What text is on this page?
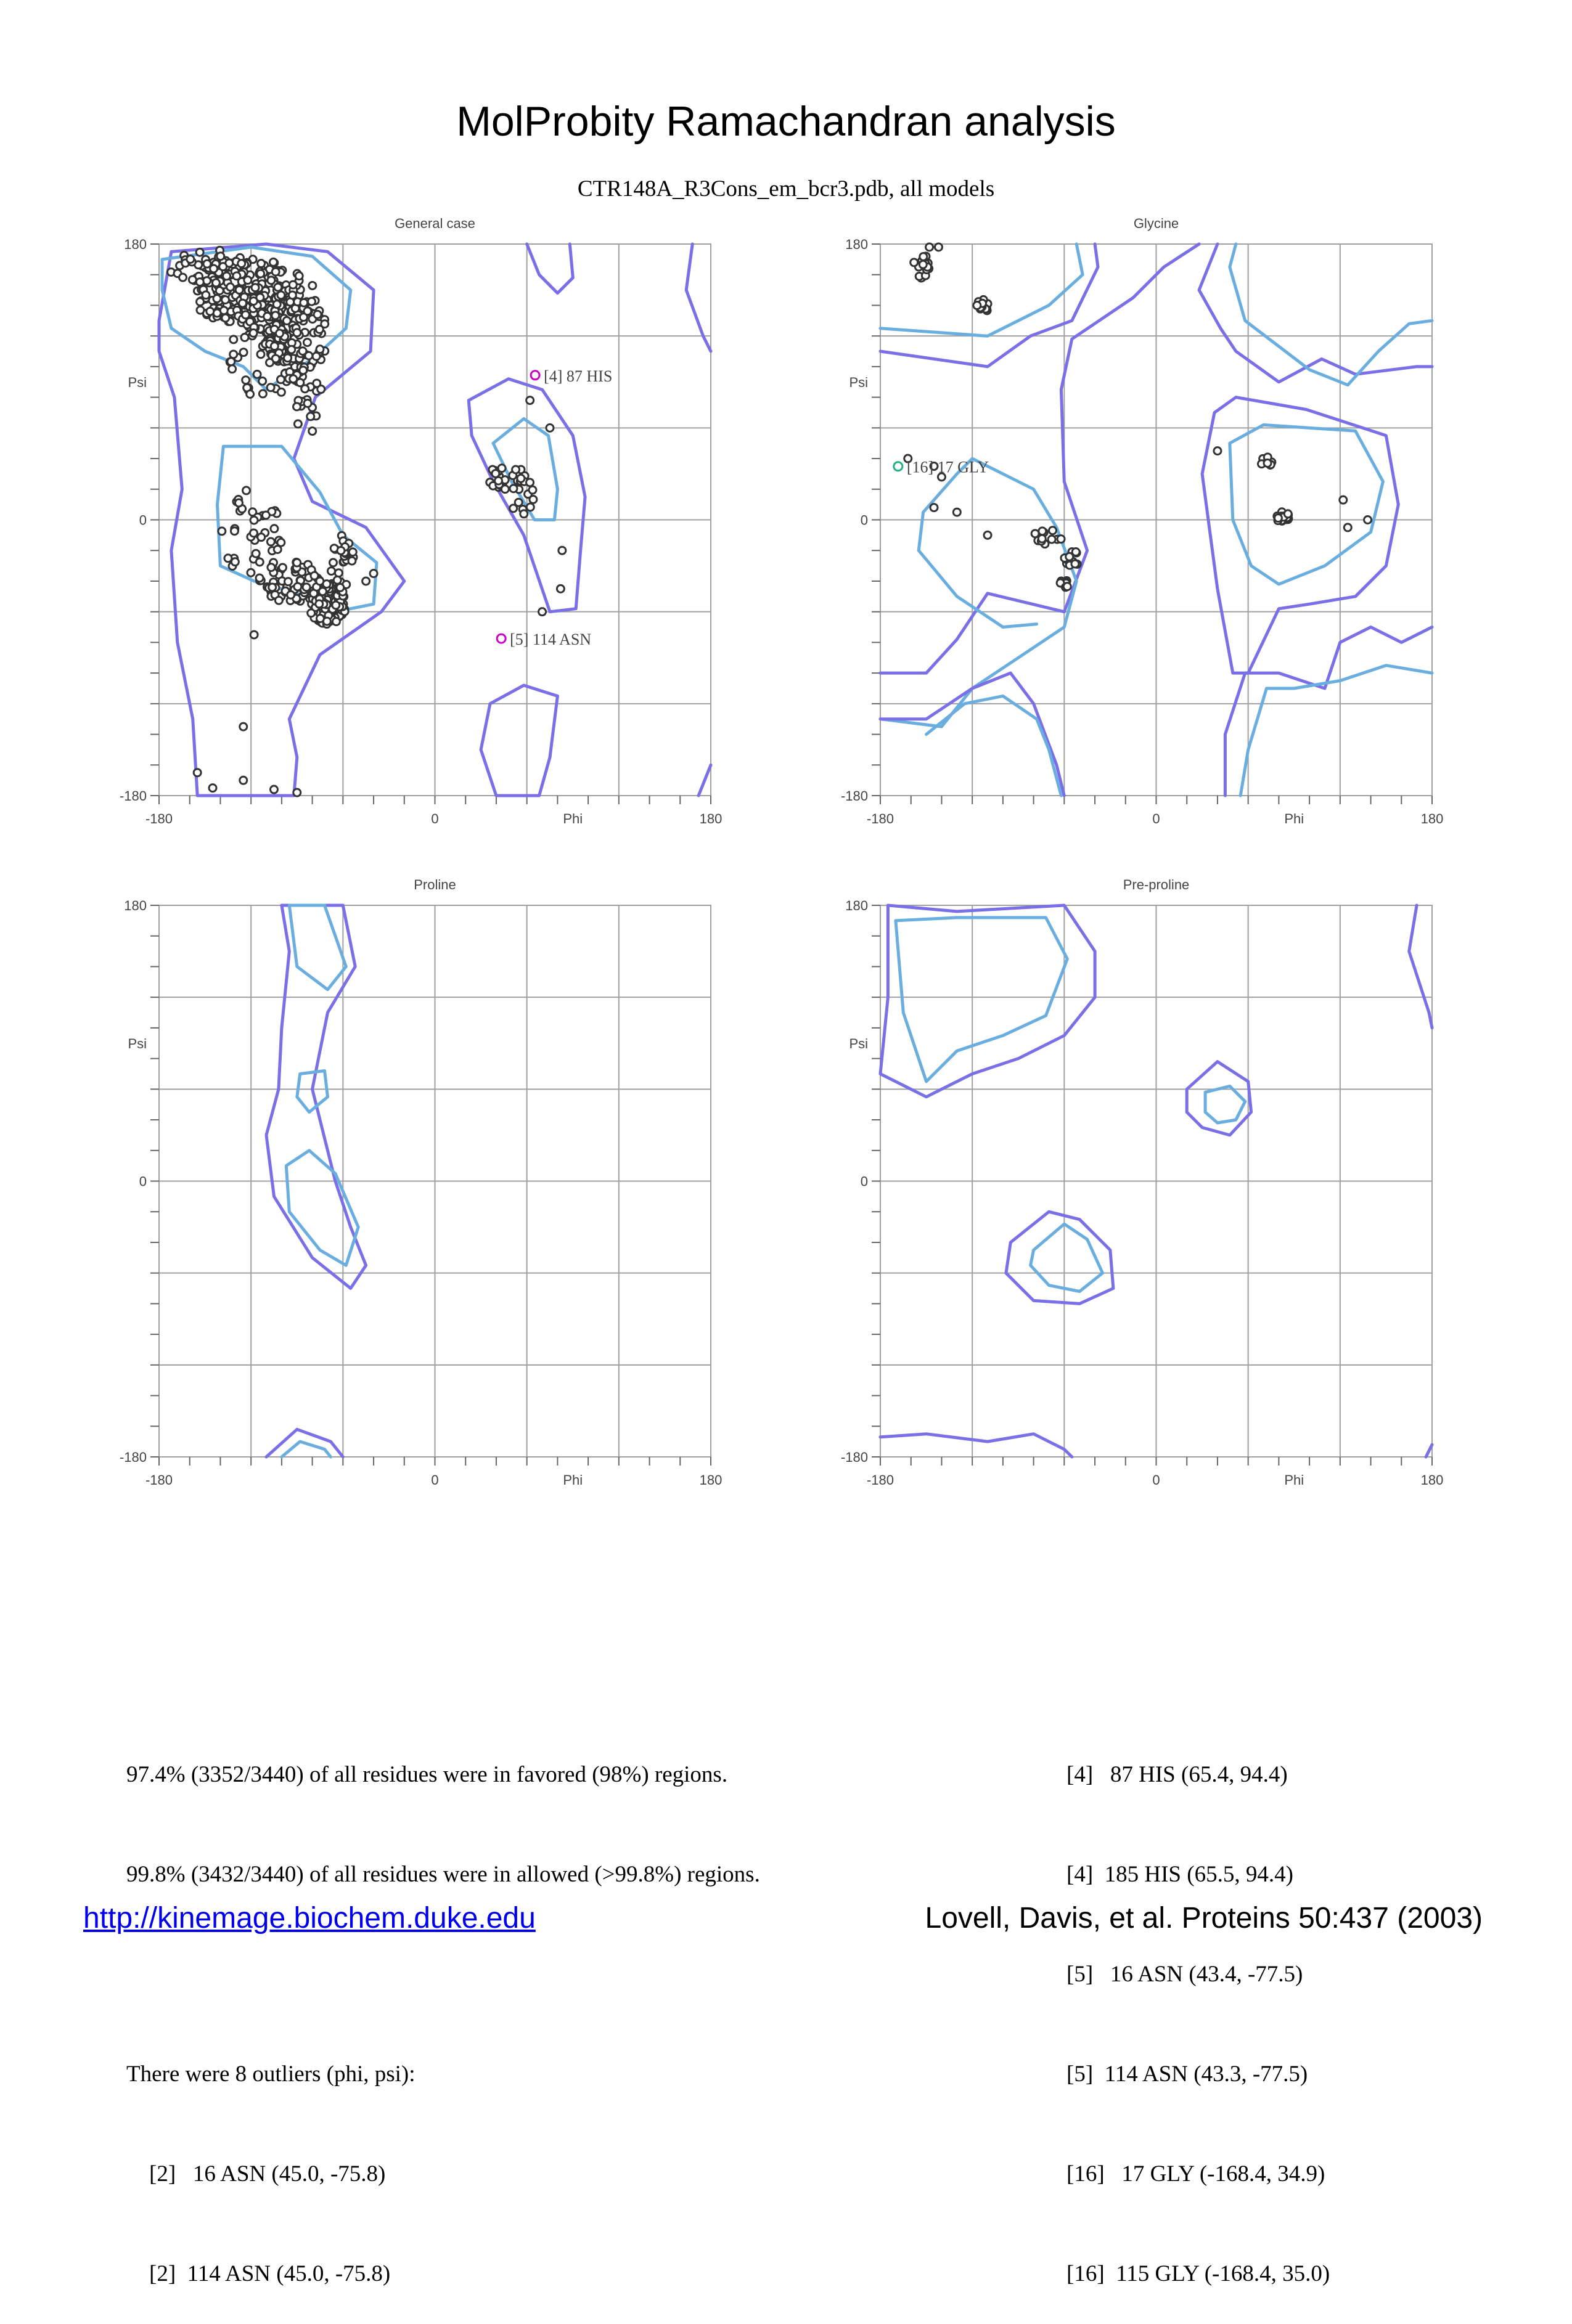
MolProbity Ramachandran analysis
CTR148A_R3Cons_em_bcr3.pdb, all models
[4] 87 HIS
[5] 114 ASN
General case
180
0
-180
Psi
-180	0	180
Phi
[16] 17 GLY
Glycine
180
0
-180
Psi
-180	0	180
Phi
Proline
180
0
-180
Psi
-180	0	180
Phi
Pre-proline
180
0
-180
Psi
-180	0	180
Phi

97.4% (3352/3440) of all residues were in favored (98%) regions.

99.8% (3432/3440) of all residues were in allowed (>99.8%) regions.

There were 8 outliers (phi, psi):

[2]   16 ASN (45.0, -75.8)

[2]  114 ASN (45.0, -75.8)

[4]   87 HIS (65.4, 94.4)

[4]  185 HIS (65.5, 94.4)

[5]   16 ASN (43.4, -77.5)

[5]  114 ASN (43.3, -77.5)

[16]   17 GLY (-168.4, 34.9)

[16]  115 GLY (-168.4, 35.0)

http://kinemage.biochem.duke.edu	Lovell, Davis, et al. Proteins 50:437 (2003)
